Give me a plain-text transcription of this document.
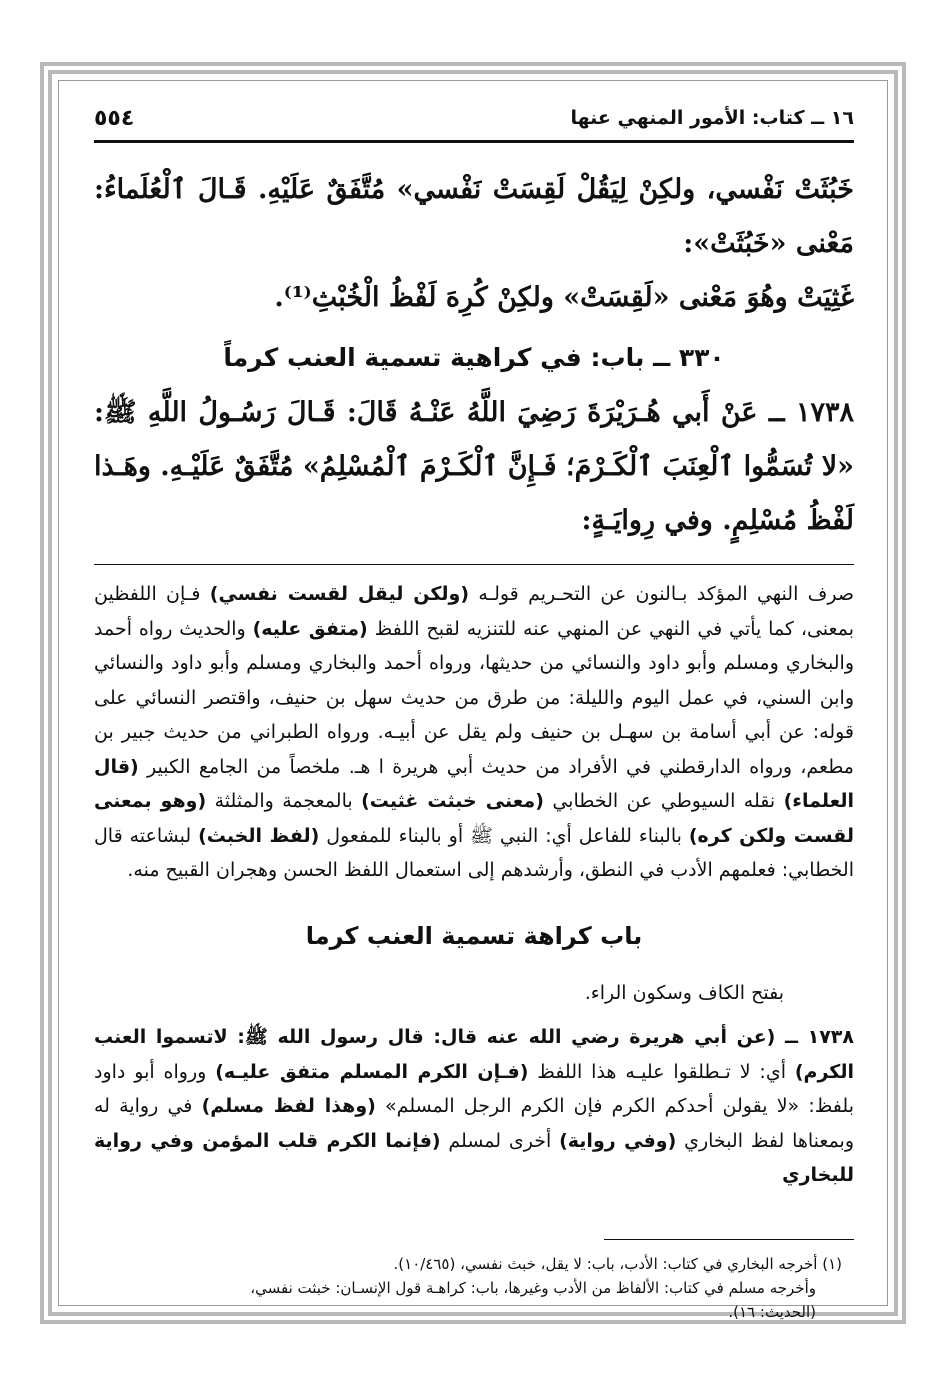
١٦ ــ كتاب: الأمور المنهي عنها
٥٥٤

خَبُثَتْ نَفْسي، ولكِنْ لِيَقُلْ لَقِسَتْ نَفْسي» مُتَّفَقٌ عَلَيْهِ. قَـالَ ٱلْعُلَماءُ: مَعْنى «خَبُثَتْ»:

غَثِيَتْ وهُوَ مَعْنى «لَقِسَتْ» ولكِنْ كُرِهَ لَفْظُ الْخُبْثِ⁽¹⁾.

٣٣٠ ــ باب: في كراهية تسمية العنب كرماً

١٧٣٨ ــ عَنْ أَبي هُـرَيْرَةَ رَضِيَ اللَّهُ عَنْـهُ قَالَ: قَـالَ رَسُـولُ اللَّهِ ﷺ: «لا تُسَمُّوا ٱلْعِنَبَ ٱلْكَـرْمَ؛ فَـإِنَّ ٱلْكَـرْمَ ٱلْمُسْلِمُ» مُتَّفَقٌ عَلَيْـهِ. وهَـذا لَفْظُ مُسْلِمٍ. وفي رِوايَـةٍ:

صرف النهي المؤكد بـالنون عن التحـريم قولـه (ولكن ليقل لقست نفسي) فـإن اللفظين بمعنى، كما يأتي في النهي عن المنهي عنه للتنزيه لقبح اللفظ (متفق عليه) والحديث رواه أحمد والبخاري ومسلم وأبو داود والنسائي من حديثها، ورواه أحمد والبخاري ومسلم وأبو داود والنسائي وابن السني، في عمل اليوم والليلة: من طرق من حديث سهل بن حنيف، واقتصر النسائي على قوله: عن أبي أسامة بن سهـل بن حنيف ولم يقل عن أبيـه. ورواه الطبراني من حديث جبير بن مطعم، ورواه الدارقطني في الأفراد من حديث أبي هريرة ا هـ. ملخصاً من الجامع الكبير (قال العلماء) نقله السيوطي عن الخطابي (معنى خبثت غثيت) بالمعجمة والمثلثة (وهو بمعنى لقست ولكن كره) بالبناء للفاعل أي: النبي ﷺ أو بالبناء للمفعول (لفظ الخبث) لبشاعته قال الخطابي: فعلمهم الأدب في النطق، وأرشدهم إلى استعمال اللفظ الحسن وهجران القبيح منه.

باب كراهة تسمية العنب كرما

بفتح الكاف وسكون الراء.

١٧٣٨ ــ (عن أبي هريرة رضي الله عنه قال: قال رسول الله ﷺ: لاتسموا العنب الكرم) أي: لا تـطلقوا عليـه هذا اللفظ (فـإن الكرم المسلم متفق عليـه) ورواه أبو داود بلفظ: «لا يقولن أحدكم الكرم فإن الكرم الرجل المسلم» (وهذا لفظ مسلم) في رواية له وبمعناها لفظ البخاري (وفي رواية) أخرى لمسلم (فإنما الكرم قلب المؤمن وفي رواية للبخاري

(١) أخرجه البخاري في كتاب: الأدب، باب: لا يقل، خبث نفسي، (١٠/٤٦٥).

وأخرجه مسلم في كتاب: الألفاظ من الأدب وغيرها، باب: كراهـة قول الإنسـان: خبثت نفسي،

(الحديث: ١٦).
